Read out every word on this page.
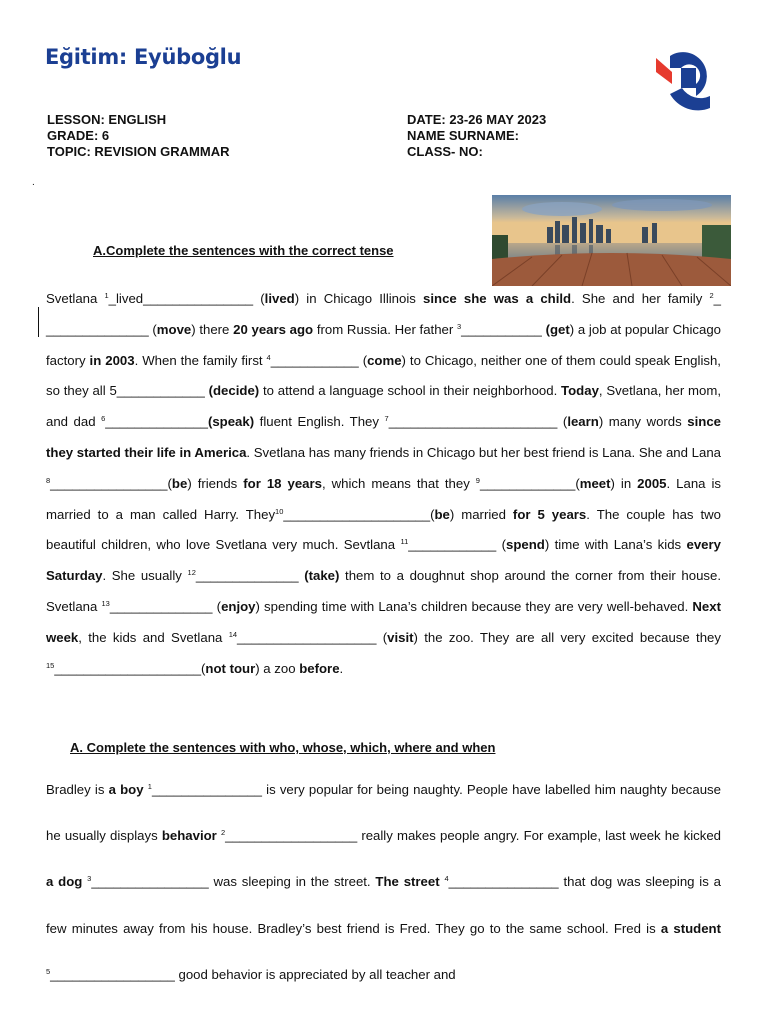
Eğitim: Eyüboğlu
LESSON: ENGLISH
GRADE: 6
TOPIC: REVISION GRAMMAR
DATE: 23-26 MAY 2023
NAME SURNAME:
CLASS- NO:
.
A.Complete the sentences with the correct tense
Svetlana $^1$_lived_______________ (lived) in Chicago Illinois since she was a child. She and her family $^2$_ ______________ (move) there 20 years ago from Russia. Her father $^3$___________ (get) a job at popular Chicago factory in 2003. When the family first $^4$____________ (come) to Chicago, neither one of them could speak English, so they all 5____________ (decide) to attend a language school in their neighborhood. Today, Svetlana, her mom, and dad $^6$______________(speak) fluent English. They $^7$_______________________ (learn) many words since they started their life in America. Svetlana has many friends in Chicago but her best friend is Lana. She and Lana $^8$________________(be) friends for 18 years, which means that they $^9$_____________(meet) in 2005. Lana is married to a man called Harry. They$^{10}$____________________(be) married for 5 years. The couple has two beautiful children, who love Svetlana very much. Sevtlana $^{11}$____________ (spend) time with Lana’s kids every Saturday. She usually $^{12}$______________ (take) them to a doughnut shop around the corner from their house. Svetlana $^{13}$______________ (enjoy) spending time with Lana’s children because they are very well-behaved. Next week, the kids and Svetlana $^{14}$___________________ (visit) the zoo. They are all very excited because they $^{15}$____________________(not tour) a zoo before.
A. Complete the sentences with who, whose, which, where and when
Bradley is a boy $^1$_______________ is very popular for being naughty. People have labelled him naughty because he usually displays behavior $^2$__________________ really makes people angry. For example, last week he kicked a dog $^3$________________ was sleeping in the street. The street $^4$_______________ that dog was sleeping is a few minutes away from his house. Bradley’s best friend is Fred. They go to the same school. Fred is a student $^5$_________________ good behavior is appreciated by all teacher and
